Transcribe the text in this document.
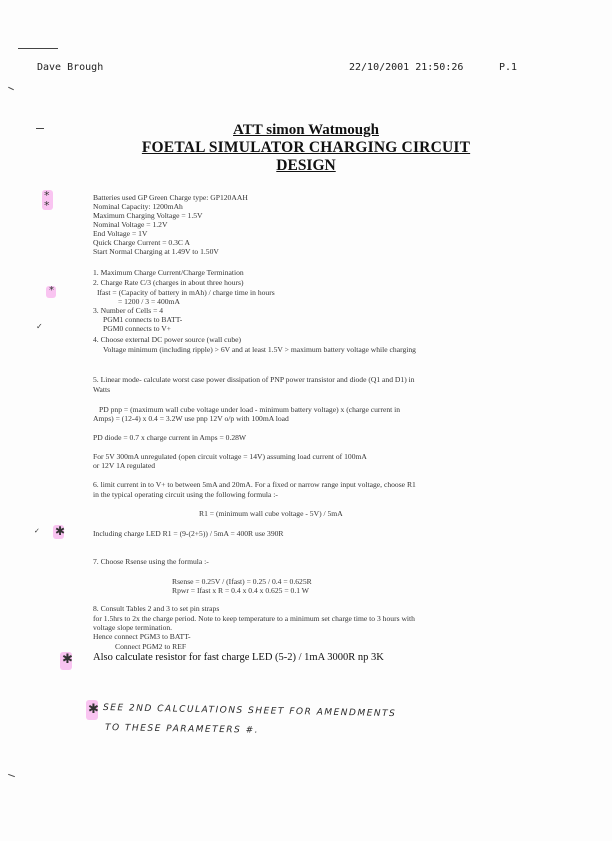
Dave Brough	22/10/2001 21:50:26	P.1
ATT simon Watmough
FOETAL SIMULATOR CHARGING CIRCUIT
DESIGN
*
*
*
✓
✓ ✱
✱
✱
Batteries used GP Green Charge type: GP120AAH
Nominal Capacity: 1200mAh
Maximum Charging Voltage = 1.5V
Nominal Voltage = 1.2V
End Voltage = 1V
Quick Charge Current = 0.3C A
Start Normal Charging at 1.49V to 1.50V
1. Maximum Charge Current/Charge Termination
2. Charge Rate C/3 (charges in about three hours)
Ifast = (Capacity of battery in mAh) / charge time in hours
= 1200 / 3 = 400mA
3. Number of Cells = 4
PGM1 connects to BATT-
PGM0 connects to V+
4. Choose external DC power source (wall cube)
Voltage minimum (including ripple) > 6V and at least 1.5V > maximum battery voltage while charging
5. Linear mode- calculate worst case power dissipation of PNP power transistor and diode (Q1 and D1) in
Watts
PD pnp = (maximum wall cube voltage under load - minimum battery voltage) x (charge current in
Amps) = (12-4) x 0.4 = 3.2W use pnp 12V o/p with 100mA load
PD diode = 0.7 x charge current in Amps = 0.28W
For 5V 300mA unregulated (open circuit voltage = 14V) assuming load current of 100mA
or 12V 1A regulated
6. limit current in to V+ to between 5mA and 20mA. For a fixed or narrow range input voltage, choose R1
in the typical operating circuit using the following formula :-
R1 = (minimum wall cube voltage - 5V) / 5mA
Including charge LED R1 = (9-(2+5)) / 5mA = 400R use 390R
7. Choose Rsense using the formula :-
Rsense = 0.25V / (Ifast) = 0.25 / 0.4 = 0.625R
Rpwr = Ifast x R = 0.4 x 0.4 x 0.625 = 0.1 W
8. Consult Tables 2 and 3 to set pin straps
for 1.5hrs to 2x the charge period. Note to keep temperature to a minimum set charge time to 3 hours with
voltage slope termination.
Hence connect PGM3 to BATT-
Connect PGM2 to REF
Also calculate resistor for fast charge LED (5-2) / 1mA 3000R np 3K
SEE 2ND CALCULATIONS SHEET FOR AMENDMENTS
TO THESE PARAMETERS #.
